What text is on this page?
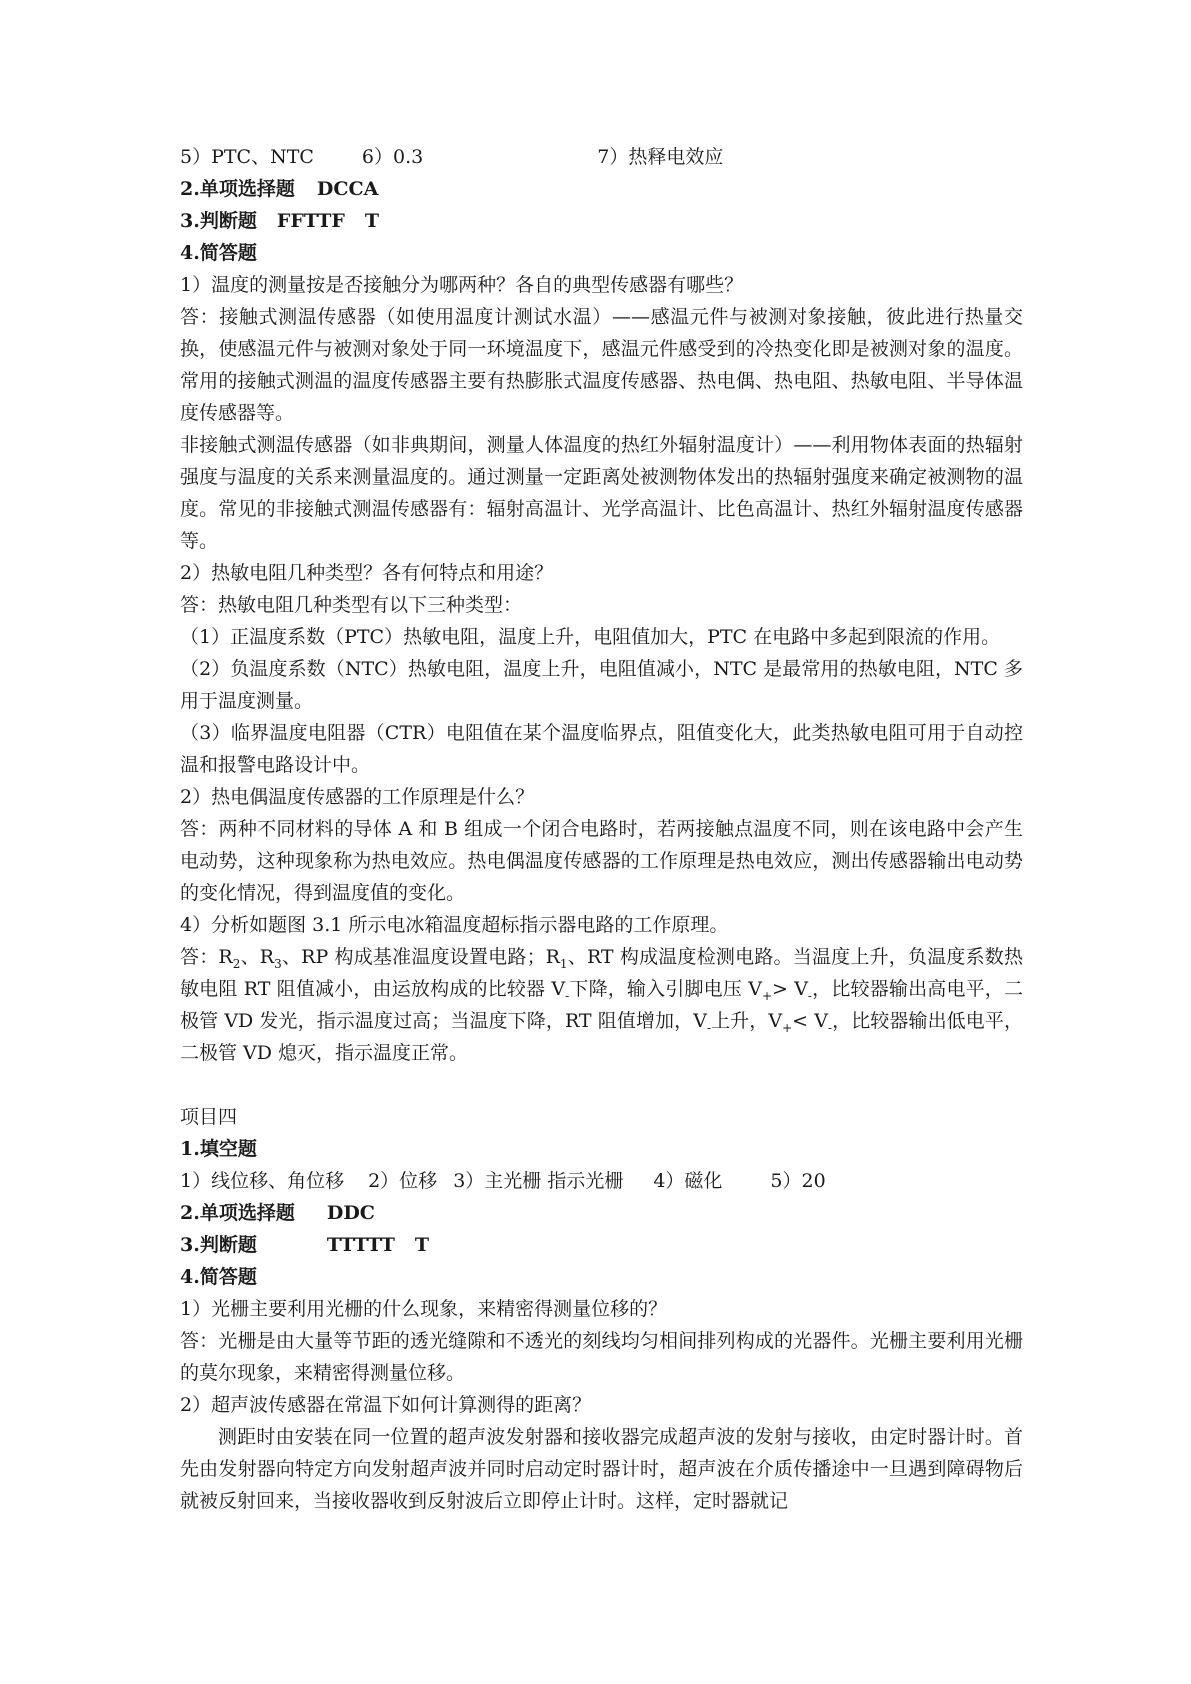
5）PTC、NTC	6）0.3	7）热释电效应
2.单项选择题 DCCA
3.判断题 FFTTF T
4.简答题
1）温度的测量按是否接触分为哪两种？各自的典型传感器有哪些？
答：接触式测温传感器（如使用温度计测试水温）——感温元件与被测对象接触，彼此进行热量交换，使感温元件与被测对象处于同一环境温度下，感温元件感受到的冷热变化即是被测对象的温度。常用的接触式测温的温度传感器主要有热膨胀式温度传感器、热电偶、热电阻、热敏电阻、半导体温度传感器等。
非接触式测温传感器（如非典期间，测量人体温度的热红外辐射温度计）——利用物体表面的热辐射强度与温度的关系来测量温度的。通过测量一定距离处被测物体发出的热辐射强度来确定被测物的温度。常见的非接触式测温传感器有：辐射高温计、光学高温计、比色高温计、热红外辐射温度传感器等。
2）热敏电阻几种类型？各有何特点和用途？
答：热敏电阻几种类型有以下三种类型：
（1）正温度系数（PTC）热敏电阻，温度上升，电阻值加大，PTC 在电路中多起到限流的作用。
（2）负温度系数（NTC）热敏电阻，温度上升，电阻值减小，NTC 是最常用的热敏电阻，NTC 多用于温度测量。
（3）临界温度电阻器（CTR）电阻值在某个温度临界点，阻值变化大，此类热敏电阻可用于自动控温和报警电路设计中。
2）热电偶温度传感器的工作原理是什么？
答：两种不同材料的导体 A 和 B 组成一个闭合电路时，若两接触点温度不同，则在该电路中会产生电动势，这种现象称为热电效应。热电偶温度传感器的工作原理是热电效应，测出传感器输出电动势的变化情况，得到温度值的变化。
4）分析如题图 3.1 所示电冰箱温度超标指示器电路的工作原理。
答：$R_2$、$R_3$、RP 构成基准温度设置电路；$R_1$、RT 构成温度检测电路。当温度上升，负温度系数热敏电阻 RT 阻值减小，由运放构成的比较器 $V_-$下降，输入引脚电压 $V_+> V_-$，比较器输出高电平，二极管 VD 发光，指示温度过高；当温度下降，RT 阻值增加，$V_-$上升，$V_+< V_-$，比较器输出低电平，二极管 VD 熄灭，指示温度正常。
项目四
1.填空题
1）线位移、角位移 2）位移 3）主光栅 指示光栅 4）磁化	5）20
2.单项选择题 DDC
3.判断题	TTTTT T
4.简答题
1）光栅主要利用光栅的什么现象，来精密得测量位移的？
答：光栅是由大量等节距的透光缝隙和不透光的刻线均匀相间排列构成的光器件。光栅主要利用光栅的莫尔现象，来精密得测量位移。
2）超声波传感器在常温下如何计算测得的距离？
测距时由安装在同一位置的超声波发射器和接收器完成超声波的发射与接收，由定时器计时。首先由发射器向特定方向发射超声波并同时启动定时器计时，超声波在介质传播途中一旦遇到障碍物后就被反射回来，当接收器收到反射波后立即停止计时。这样，定时器就记
